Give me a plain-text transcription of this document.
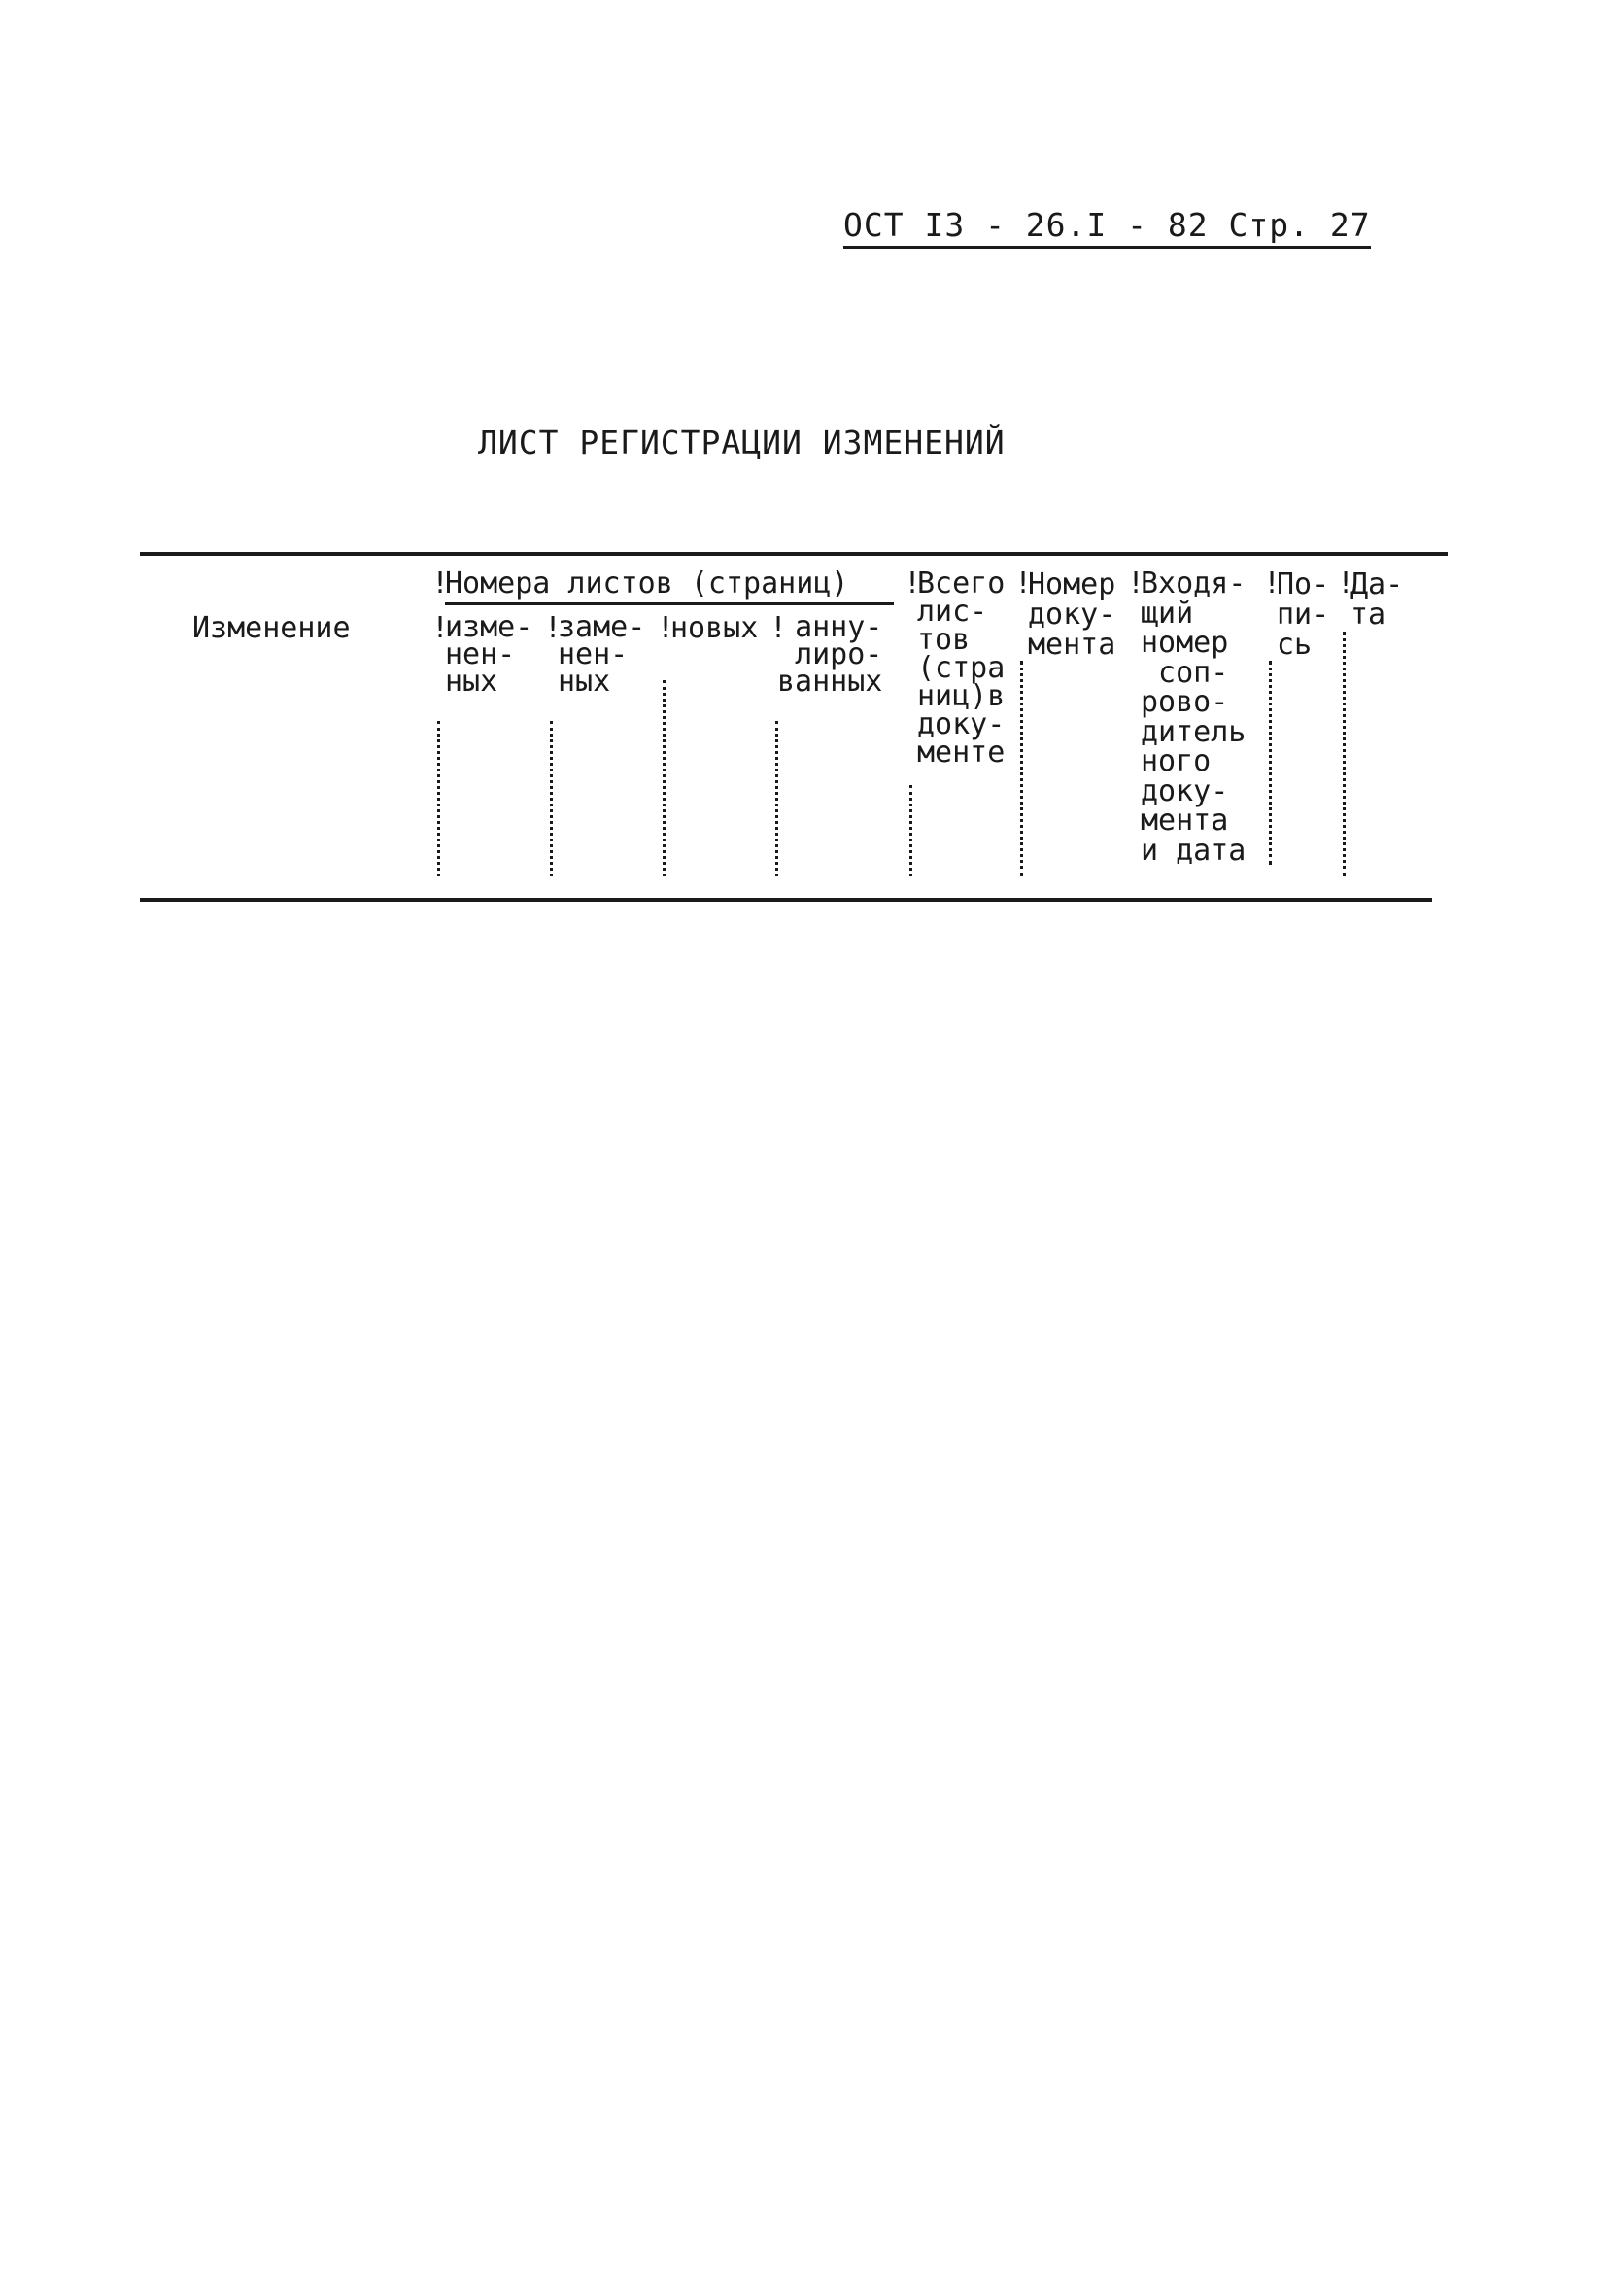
ОСТ I3 - 26.I - 82 Стр. 27
ЛИСТ РЕГИСТРАЦИИ ИЗМЕНЕНИЙ
Изменение
!
Номера листов (страниц)
!
изме-
нен-
ных
!
заме-
нен-
ных
!
новых ! анну-
лиро-
ванных
!
Всего
лис-
тов
(стра
ниц)в
доку-
менте
!
Номер
доку-
мента
!
Входя-
щий
номер
сoп-
рово-
дитель
ного
доку-
мента
и дата
!
По-
пи-
сь
!
Да-
та
